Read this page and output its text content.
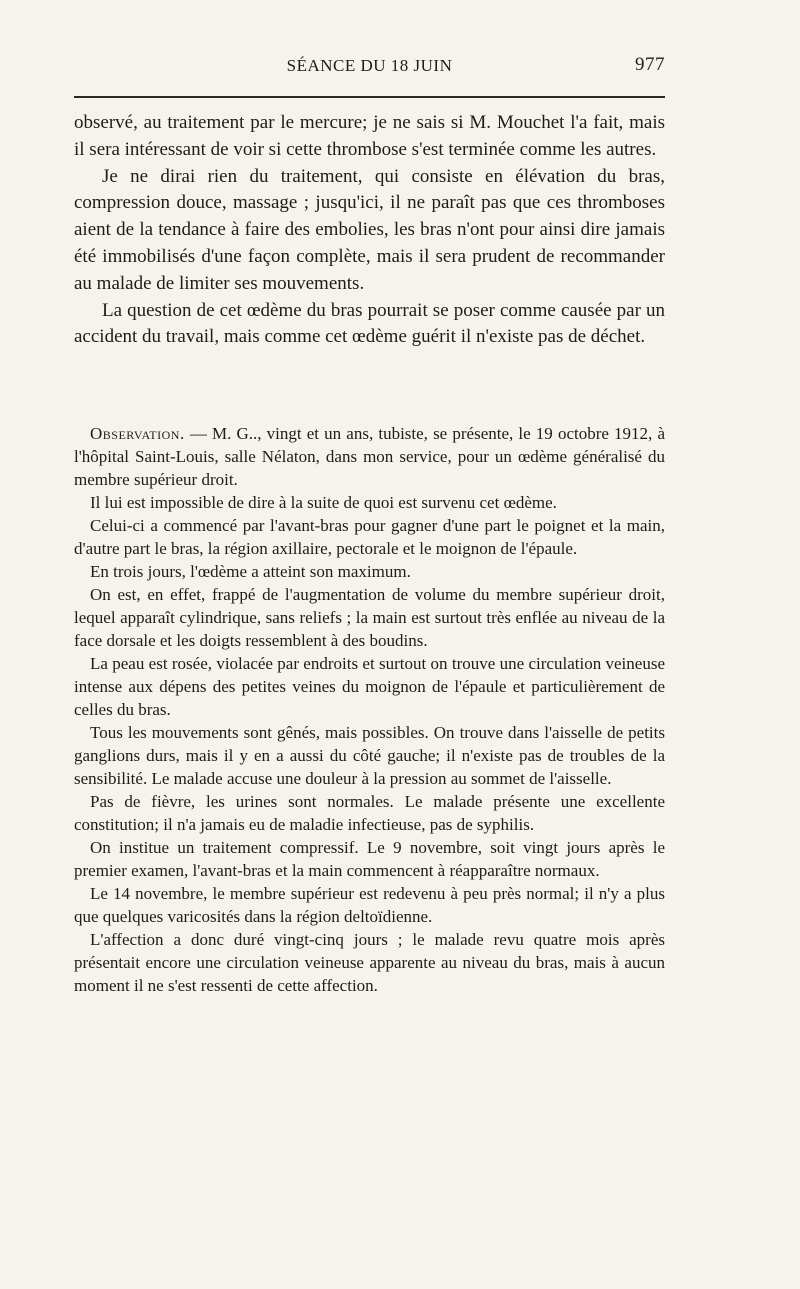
SÉANCE DU 18 JUIN	977

observé, au traitement par le mercure; je ne sais si M. Mouchet l'a fait, mais il sera intéressant de voir si cette thrombose s'est terminée comme les autres.

Je ne dirai rien du traitement, qui consiste en élévation du bras, compression douce, massage ; jusqu'ici, il ne paraît pas que ces thromboses aient de la tendance à faire des embolies, les bras n'ont pour ainsi dire jamais été immobilisés d'une façon complète, mais il sera prudent de recommander au malade de limiter ses mouvements.

La question de cet œdème du bras pourrait se poser comme causée par un accident du travail, mais comme cet œdème guérit il n'existe pas de déchet.

Observation. — M. G.., vingt et un ans, tubiste, se présente, le 19 octobre 1912, à l'hôpital Saint-Louis, salle Nélaton, dans mon service, pour un œdème généralisé du membre supérieur droit.

Il lui est impossible de dire à la suite de quoi est survenu cet œdème.

Celui-ci a commencé par l'avant-bras pour gagner d'une part le poignet et la main, d'autre part le bras, la région axillaire, pectorale et le moignon de l'épaule.

En trois jours, l'œdème a atteint son maximum.

On est, en effet, frappé de l'augmentation de volume du membre supérieur droit, lequel apparaît cylindrique, sans reliefs ; la main est surtout très enflée au niveau de la face dorsale et les doigts ressemblent à des boudins.

La peau est rosée, violacée par endroits et surtout on trouve une circulation veineuse intense aux dépens des petites veines du moignon de l'épaule et particulièrement de celles du bras.

Tous les mouvements sont gênés, mais possibles. On trouve dans l'aisselle de petits ganglions durs, mais il y en a aussi du côté gauche; il n'existe pas de troubles de la sensibilité. Le malade accuse une douleur à la pression au sommet de l'aisselle.

Pas de fièvre, les urines sont normales. Le malade présente une excellente constitution; il n'a jamais eu de maladie infectieuse, pas de syphilis.

On institue un traitement compressif. Le 9 novembre, soit vingt jours après le premier examen, l'avant-bras et la main commencent à réapparaître normaux.

Le 14 novembre, le membre supérieur est redevenu à peu près normal; il n'y a plus que quelques varicosités dans la région deltoïdienne.

L'affection a donc duré vingt-cinq jours ; le malade revu quatre mois après présentait encore une circulation veineuse apparente au niveau du bras, mais à aucun moment il ne s'est ressenti de cette affection.
